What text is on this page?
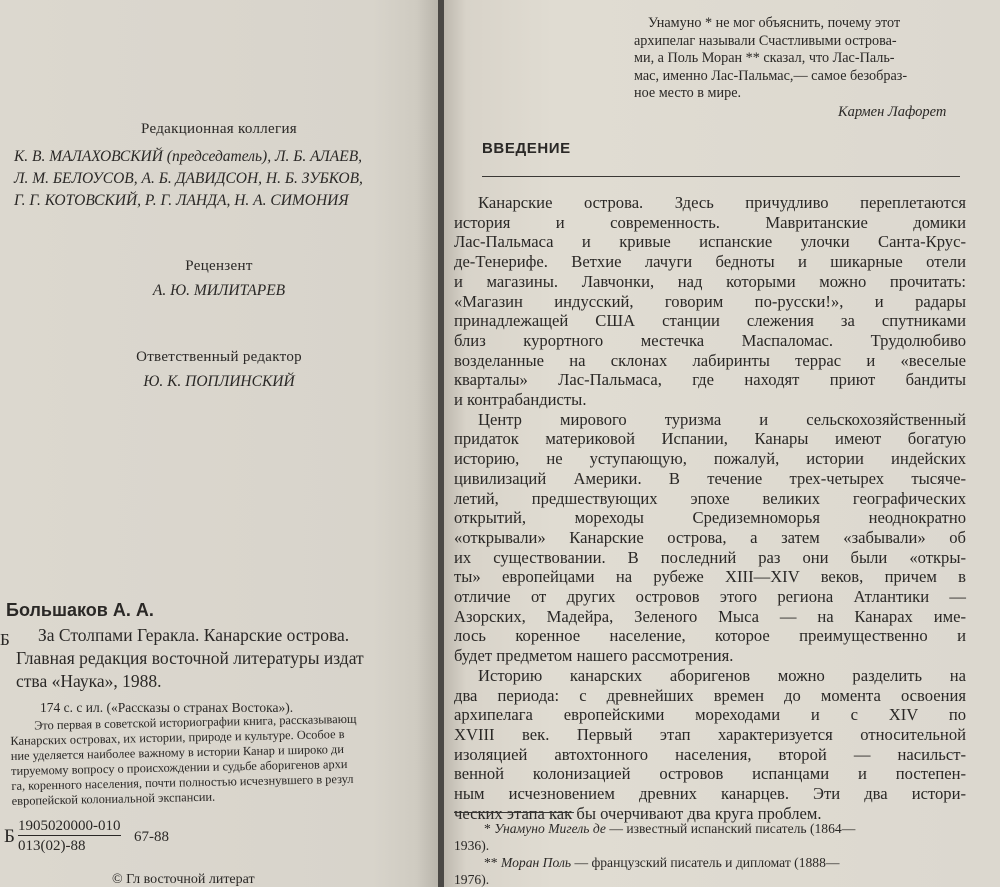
Редакционная коллегия
К. В. МАЛАХОВСКИЙ (председатель), Л. Б. АЛАЕВ,
Л. М. БЕЛОУСОВ, А. Б. ДАВИДСОН, Н. Б. ЗУБКОВ,
Г. Г. КОТОВСКИЙ, Р. Г. ЛАНДА, Н. А. СИМОНИЯ
Рецензент
А. Ю. МИЛИТАРЕВ
Ответственный редактор
Ю. К. ПОПЛИНСКИЙ
Большаков А. А.
Б	За Столпами Геракла. Канарские острова.
Главная редакция восточной литературы издат
ства «Наука», 1988.
174 с. с ил. («Рассказы о странах Востока»).
Это первая в советской историографии книга, рассказывающ
Канарских островах, их истории, природе и культуре. Особое в
ние уделяется наиболее важному в истории Канар и широко ди
тируемому вопросу о происхождении и судьбе аборигенов архи
га, коренного населения, почти полностью исчезнувшего в резул
европейской колониальной экспансии.
Б 1905020000-010
013(02)-88
67-88
© Гл восточной литерат
Унамуно * не мог объяснить, почему этот
архипелаг называли Счастливыми острова-
ми, а Поль Моран ** сказал, что Лас-Паль-
мас, именно Лас-Пальмас,— самое безобраз-
ное место в мире.
Кармен Лафорет
ВВЕДЕНИЕ
Канарские острова. Здесь причудливо переплетаются
история и современность. Мавританские домики
Лас-Пальмаса и кривые испанские улочки Санта-Крус-
де-Тенерифе. Ветхие лачуги бедноты и шикарные отели
и магазины. Лавчонки, над которыми можно прочитать:
«Магазин индусский, говорим по-русски!», и радары
принадлежащей США станции слежения за спутниками
близ курортного местечка Маспаломас. Трудолюбиво
возделанные на склонах лабиринты террас и «веселые
кварталы» Лас-Пальмаса, где находят приют бандиты
и контрабандисты.
Центр мирового туризма и сельскохозяйственный
придаток материковой Испании, Канары имеют богатую
историю, не уступающую, пожалуй, истории индейских
цивилизаций Америки. В течение трех-четырех тысяче-
летий, предшествующих эпохе великих географических
открытий, мореходы Средиземноморья неоднократно
«открывали» Канарские острова, а затем «забывали» об
их существовании. В последний раз они были «откры-
ты» европейцами на рубеже XIII—XIV веков, причем в
отличие от других островов этого региона Атлантики —
Азорских, Мадейра, Зеленого Мыса — на Канарах име-
лось коренное население, которое преимущественно и
будет предметом нашего рассмотрения.
Историю канарских аборигенов можно разделить на
два периода: с древнейших времен до момента освоения
архипелага европейскими мореходами и с XIV по
XVIII век. Первый этап характеризуется относительной
изоляцией автохтонного населения, второй — насильст-
венной колонизацией островов испанцами и постепен-
ным исчезновением древних канарцев. Эти два истори-
ческих этапа как бы очерчивают два круга проблем.
* Унамуно Мигель де — известный испанский писатель (1864—
1936).
** Моран Поль — французский писатель и дипломат (1888—
1976).
